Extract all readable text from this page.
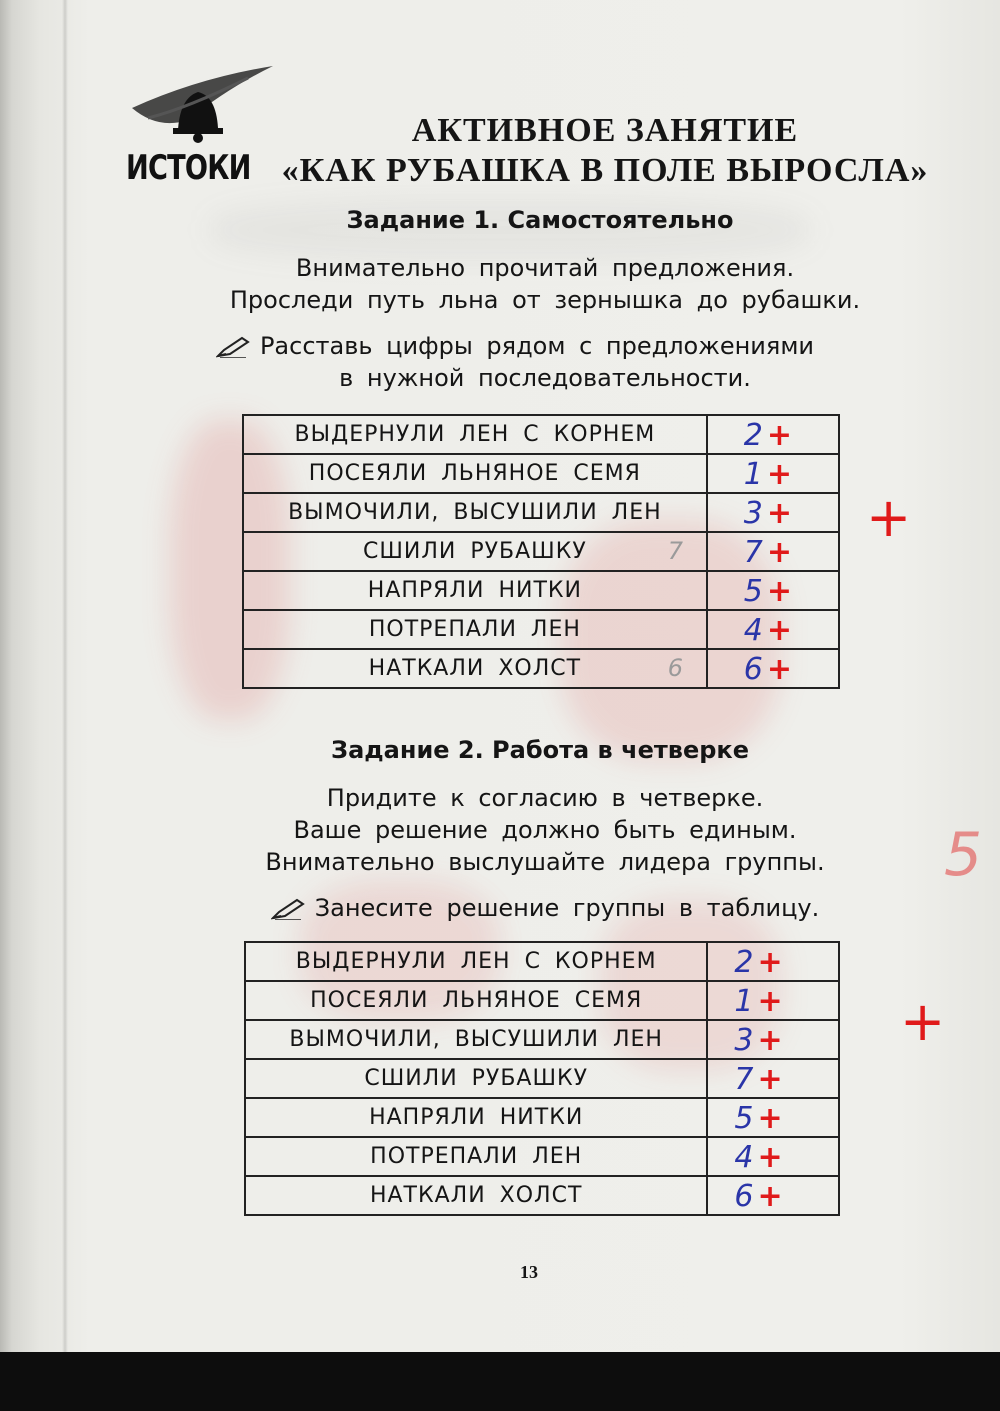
ИСТОКИ
АКТИВНОЕ ЗАНЯТИЕ
«КАК РУБАШКА В ПОЛЕ ВЫРОСЛА»
Задание 1. Самостоятельно
Внимательно прочитай предложения.
Проследи путь льна от зернышка до рубашки.
Расставь цифры рядом с предложениями
в нужной последовательности.
ВЫДЕРНУЛИ ЛЕН С КОРНЕМ	2 +

ПОСЕЯЛИ ЛЬНЯНОЕ СЕМЯ	1 +

ВЫМОЧИЛИ, ВЫСУШИЛИ ЛЕН	3 +

СШИЛИ РУБАШКУ	7 7 +

НАПРЯЛИ НИТКИ	5 +

ПОТРЕПАЛИ ЛЕН	4 +

НАТКАЛИ ХОЛСТ	6 6 +
Задание 2. Работа в четверке
Придите к согласию в четверке.
Ваше решение должно быть единым.
Внимательно выслушайте лидера группы.
Занесите решение группы в таблицу.
ВЫДЕРНУЛИ ЛЕН С КОРНЕМ	2 +

ПОСЕЯЛИ ЛЬНЯНОЕ СЕМЯ	1 +

ВЫМОЧИЛИ, ВЫСУШИЛИ ЛЕН	3 +

СШИЛИ РУБАШКУ	7 +

НАПРЯЛИ НИТКИ	5 +

ПОТРЕПАЛИ ЛЕН	4 +

НАТКАЛИ ХОЛСТ	6 +
+
+
5
13
